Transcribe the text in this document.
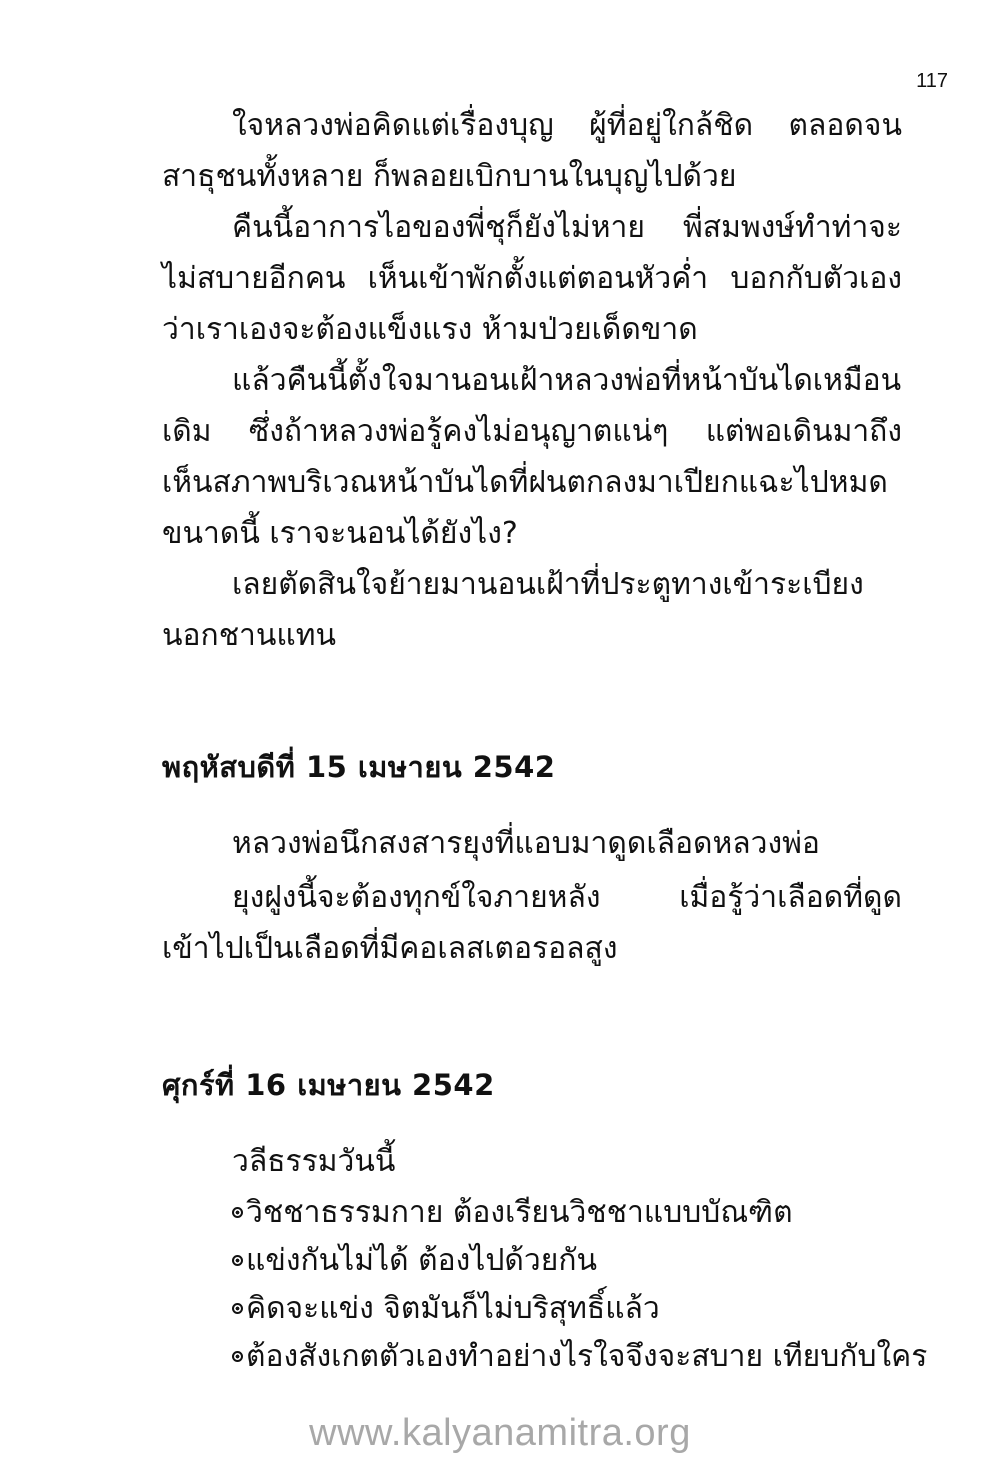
117

ใจหลวงพ่อคิดแต่เรื่องบุญ ผู้ที่อยู่ใกล้ชิด ตลอดจนสาธุชนทั้งหลาย ก็พลอยเบิกบานในบุญไปด้วย

คืนนี้อาการไอของพี่ชุก็ยังไม่หาย พี่สมพงษ์ทำท่าจะไม่สบายอีกคน เห็นเข้าพักตั้งแต่ตอนหัวค่ำ บอกกับตัวเองว่าเราเองจะต้องแข็งแรง ห้ามป่วยเด็ดขาด

แล้วคืนนี้ตั้งใจมานอนเฝ้าหลวงพ่อที่หน้าบันไดเหมือนเดิม ซึ่งถ้าหลวงพ่อรู้คงไม่อนุญาตแน่ๆ แต่พอเดินมาถึง เห็นสภาพบริเวณหน้าบันไดที่ฝนตกลงมาเปียกแฉะไปหมดขนาดนี้ เราจะนอนได้ยังไง?

เลยตัดสินใจย้ายมานอนเฝ้าที่ประตูทางเข้าระเบียงนอกชานแทน

พฤหัสบดีที่ 15 เมษายน 2542

หลวงพ่อนึกสงสารยุงที่แอบมาดูดเลือดหลวงพ่อ

ยุงฝูงนี้จะต้องทุกข์ใจภายหลัง เมื่อรู้ว่าเลือดที่ดูดเข้าไปเป็นเลือดที่มีคอเลสเตอรอลสูง

ศุกร์ที่ 16 เมษายน 2542

วลีธรรมวันนี้

วิชชาธรรมกาย ต้องเรียนวิชชาแบบบัณฑิต
แข่งกันไม่ได้ ต้องไปด้วยกัน
คิดจะแข่ง จิตมันก็ไม่บริสุทธิ์แล้ว
ต้องสังเกตตัวเองทำอย่างไรใจจึงจะสบาย เทียบกับใคร
www.kalyanamitra.org
